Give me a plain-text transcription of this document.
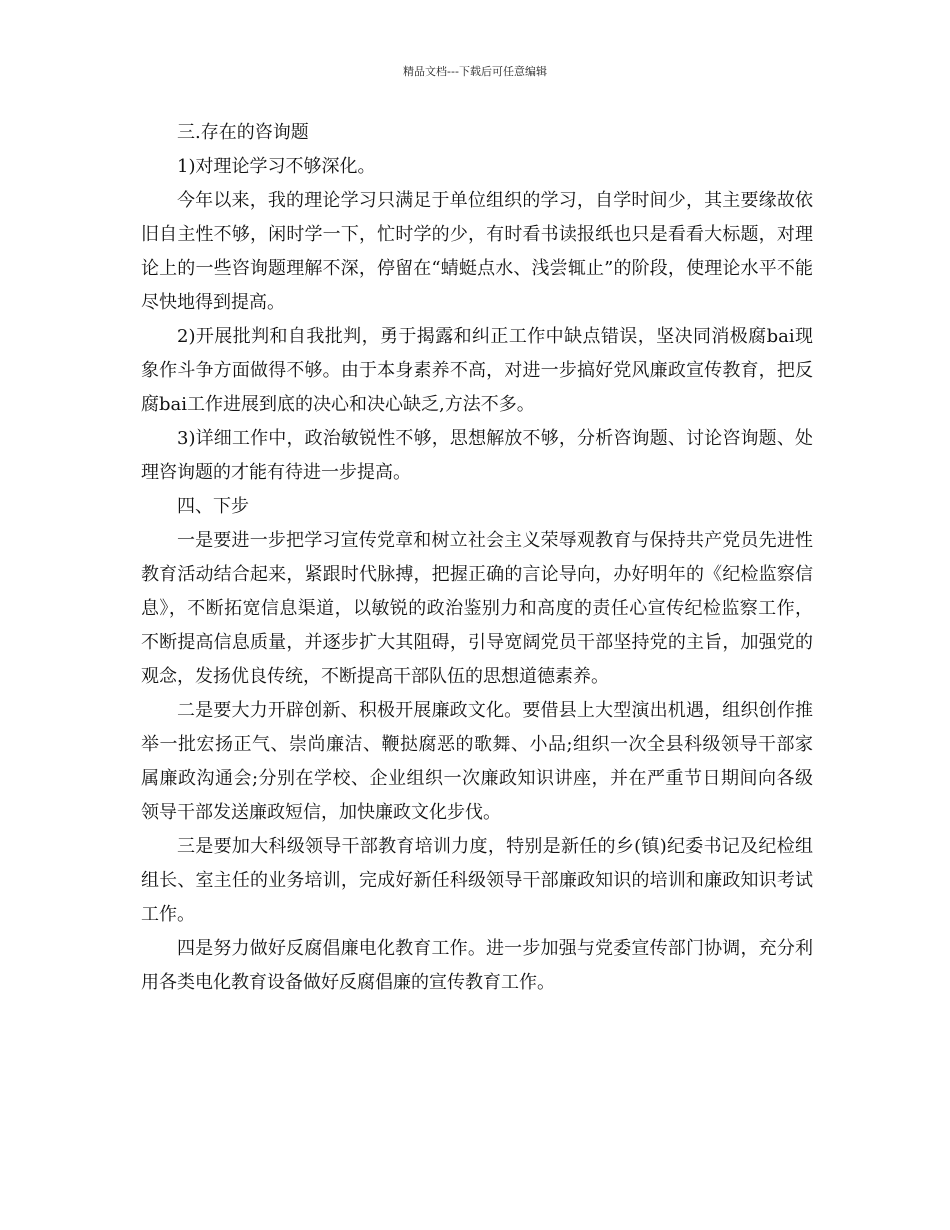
精品文档---下载后可任意编辑

三.存在的咨询题

1)对理论学习不够深化。

今年以来，我的理论学习只满足于单位组织的学习，自学时间少，其主要缘故依旧自主性不够，闲时学一下，忙时学的少，有时看书读报纸也只是看看大标题，对理论上的一些咨询题理解不深，停留在“蜻蜓点水、浅尝辄止”的阶段，使理论水平不能尽快地得到提高。

2)开展批判和自我批判，勇于揭露和纠正工作中缺点错误，坚决同消极腐bai现象作斗争方面做得不够。由于本身素养不高，对进一步搞好党风廉政宣传教育，把反腐bai工作进展到底的决心和决心缺乏,方法不多。

3)详细工作中，政治敏锐性不够，思想解放不够，分析咨询题、讨论咨询题、处理咨询题的才能有待进一步提高。

四、下步

一是要进一步把学习宣传党章和树立社会主义荣辱观教育与保持共产党员先进性教育活动结合起来，紧跟时代脉搏，把握正确的言论导向，办好明年的《纪检监察信息》，不断拓宽信息渠道，以敏锐的政治鉴别力和高度的责任心宣传纪检监察工作，不断提高信息质量，并逐步扩大其阻碍，引导宽阔党员干部坚持党的主旨，加强党的观念，发扬优良传统，不断提高干部队伍的思想道德素养。

二是要大力开辟创新、积极开展廉政文化。要借县上大型演出机遇，组织创作推举一批宏扬正气、崇尚廉洁、鞭挞腐恶的歌舞、小品;组织一次全县科级领导干部家属廉政沟通会;分别在学校、企业组织一次廉政知识讲座，并在严重节日期间向各级领导干部发送廉政短信，加快廉政文化步伐。

三是要加大科级领导干部教育培训力度，特别是新任的乡(镇)纪委书记及纪检组组长、室主任的业务培训，完成好新任科级领导干部廉政知识的培训和廉政知识考试工作。

四是努力做好反腐倡廉电化教育工作。进一步加强与党委宣传部门协调，充分利用各类电化教育设备做好反腐倡廉的宣传教育工作。
